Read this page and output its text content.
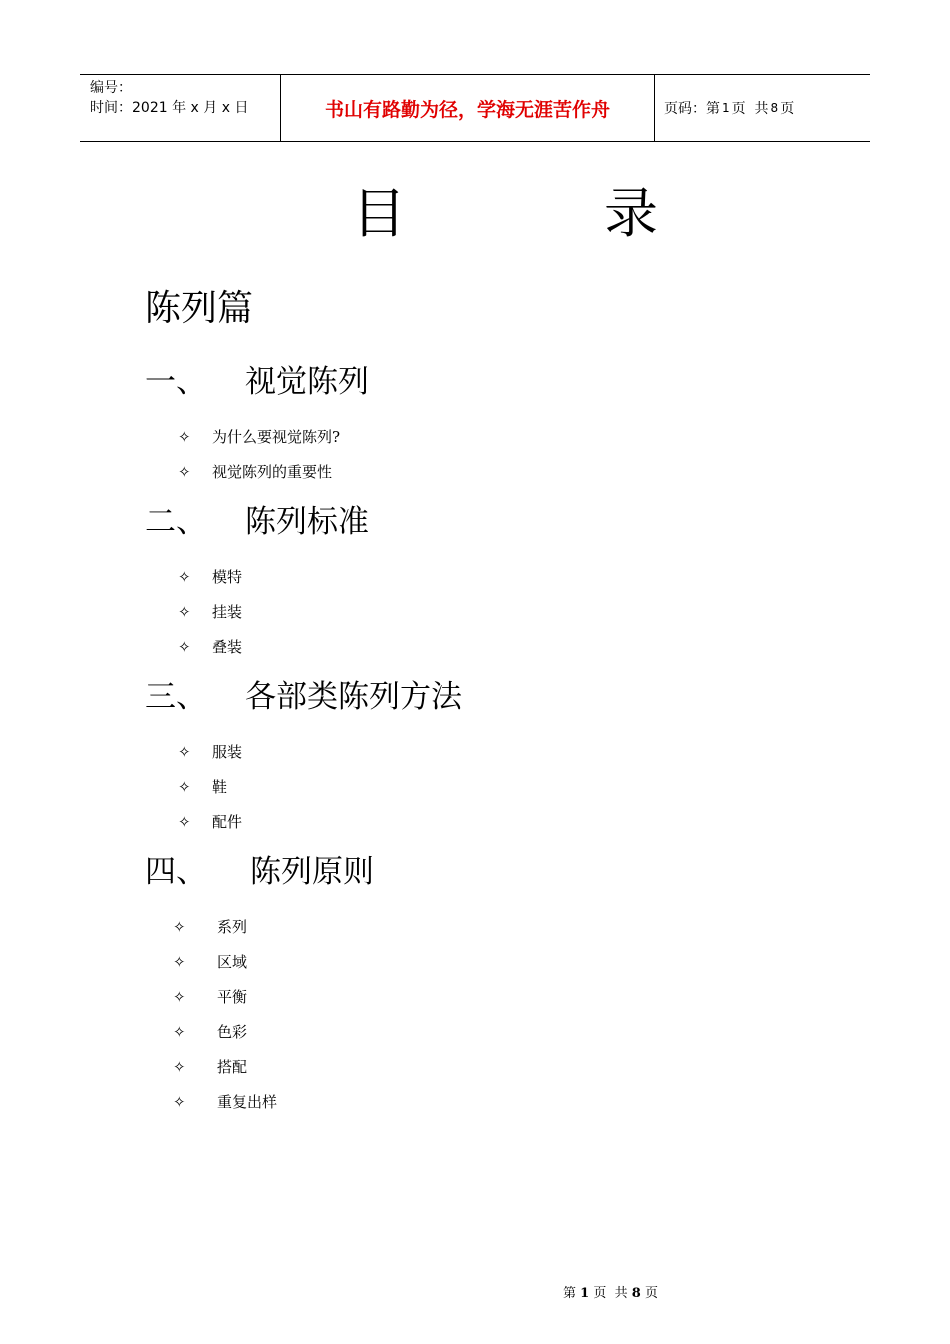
编号：
时间：2021 年 x 月 x 日	书山有路勤为径，学海无涯苦作舟	页码：第 1 页  共 8 页
目	录
陈列篇
一、 视觉陈列
✧ 为什么要视觉陈列?
✧ 视觉陈列的重要性
二、 陈列标准
✧ 模特
✧ 挂装
✧ 叠装
三、 各部类陈列方法
✧ 服装
✧ 鞋
✧ 配件
四、 陈列原则
✧ 系列
✧ 区域
✧ 平衡
✧ 色彩
✧ 搭配
✧ 重复出样
第 1 页  共 8 页
